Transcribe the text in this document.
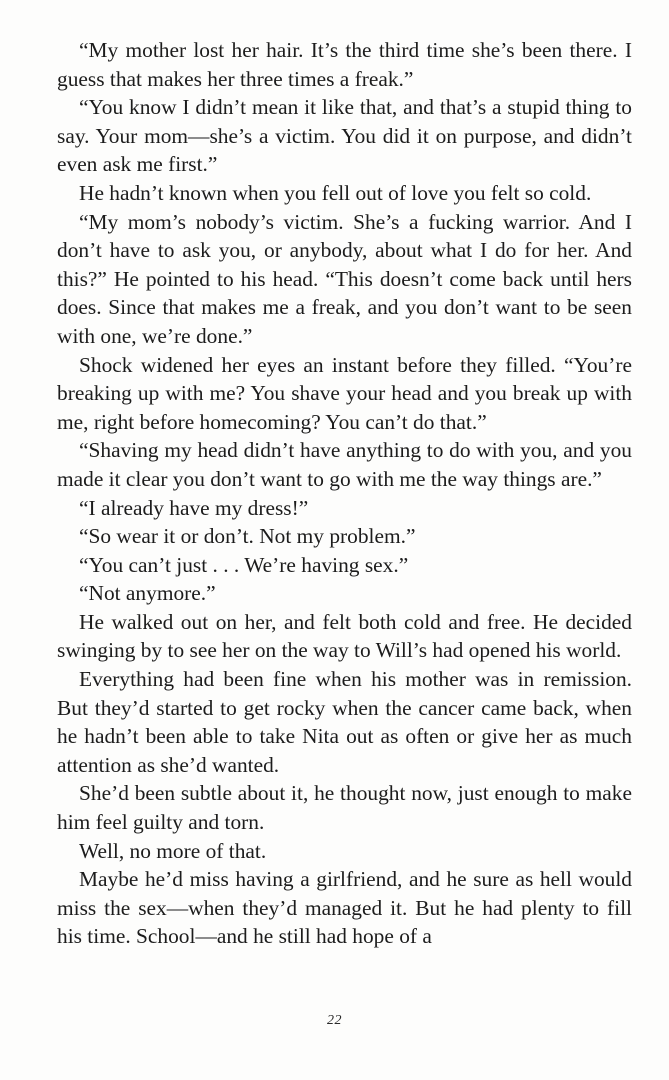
“My mother lost her hair. It’s the third time she’s been there. I guess that makes her three times a freak.”

“You know I didn’t mean it like that, and that’s a stupid thing to say. Your mom—she’s a victim. You did it on purpose, and didn’t even ask me first.”

He hadn’t known when you fell out of love you felt so cold.

“My mom’s nobody’s victim. She’s a fucking warrior. And I don’t have to ask you, or anybody, about what I do for her. And this?” He pointed to his head. “This doesn’t come back until hers does. Since that makes me a freak, and you don’t want to be seen with one, we’re done.”

Shock widened her eyes an instant before they filled. “You’re breaking up with me? You shave your head and you break up with me, right before homecoming? You can’t do that.”

“Shaving my head didn’t have anything to do with you, and you made it clear you don’t want to go with me the way things are.”

“I already have my dress!”

“So wear it or don’t. Not my problem.”

“You can’t just . . . We’re having sex.”

“Not anymore.”

He walked out on her, and felt both cold and free. He decided swinging by to see her on the way to Will’s had opened his world.

Everything had been fine when his mother was in remission. But they’d started to get rocky when the cancer came back, when he hadn’t been able to take Nita out as often or give her as much attention as she’d wanted.

She’d been subtle about it, he thought now, just enough to make him feel guilty and torn.

Well, no more of that.

Maybe he’d miss having a girlfriend, and he sure as hell would miss the sex—when they’d managed it. But he had plenty to fill his time. School—and he still had hope of a

22
